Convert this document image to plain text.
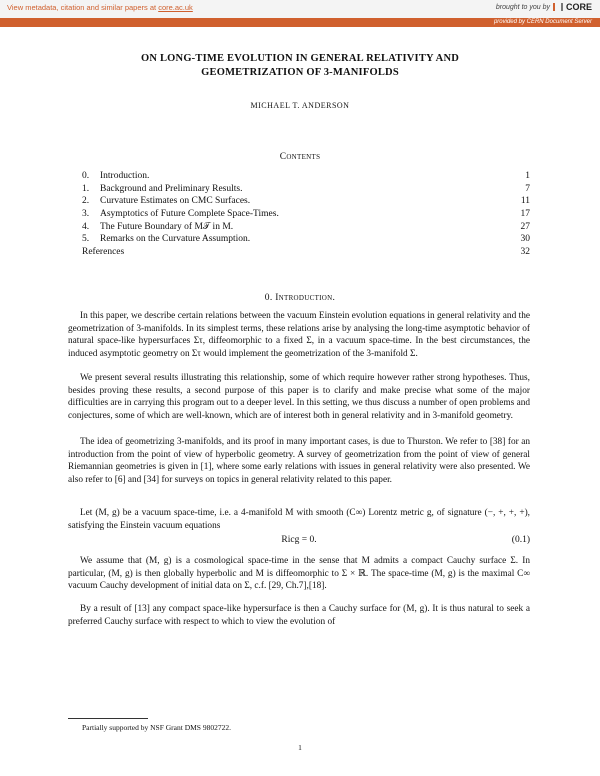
View metadata, citation and similar papers at core.ac.uk	brought to you by CORE
provided by CERN Document Server
ON LONG-TIME EVOLUTION IN GENERAL RELATIVITY AND
GEOMETRIZATION OF 3-MANIFOLDS
MICHAEL T. ANDERSON
Contents
0. Introduction.	1
1. Background and Preliminary Results.	7
2. Curvature Estimates on CMC Surfaces.	11
3. Asymptotics of Future Complete Space-Times.	17
4. The Future Boundary of M𝒯 in M.	27
5. Remarks on the Curvature Assumption.	30
References	32
0. Introduction.

In this paper, we describe certain relations between the vacuum Einstein evolution equations in general relativity and the geometrization of 3-manifolds. In its simplest terms, these relations arise by analysing the long-time asymptotic behavior of natural space-like hypersurfaces Στ, diffeomorphic to a fixed Σ, in a vacuum space-time. In the best circumstances, the induced asymptotic geometry on Στ would implement the geometrization of the 3-manifold Σ.

We present several results illustrating this relationship, some of which require however rather strong hypotheses. Thus, besides proving these results, a second purpose of this paper is to clarify and make precise what some of the major difficulties are in carrying this program out to a deeper level. In this setting, we thus discuss a number of open problems and conjectures, some of which are well-known, which are of interest both in general relativity and in 3-manifold geometry.

The idea of geometrizing 3-manifolds, and its proof in many important cases, is due to Thurston. We refer to [38] for an introduction from the point of view of hyperbolic geometry. A survey of geometrization from the point of view of general Riemannian geometries is given in [1], where some early relations with issues in general relativity were also presented. We also refer to [6] and [34] for surveys on topics in general relativity related to this paper.

Let (M, g) be a vacuum space-time, i.e. a 4-manifold M with smooth (C∞) Lorentz metric g, of signature (−, +, +, +), satisfying the Einstein vacuum equations

Ricg = 0.	(0.1)

We assume that (M, g) is a cosmological space-time in the sense that M admits a compact Cauchy surface Σ. In particular, (M, g) is then globally hyperbolic and M is diffeomorphic to Σ × ℝ. The space-time (M, g) is the maximal C∞ vacuum Cauchy development of initial data on Σ, c.f. [29, Ch.7],[18].

By a result of [13] any compact space-like hypersurface is then a Cauchy surface for (M, g). It is thus natural to seek a preferred Cauchy surface with respect to which to view the evolution of

Partially supported by NSF Grant DMS 9802722.
1
